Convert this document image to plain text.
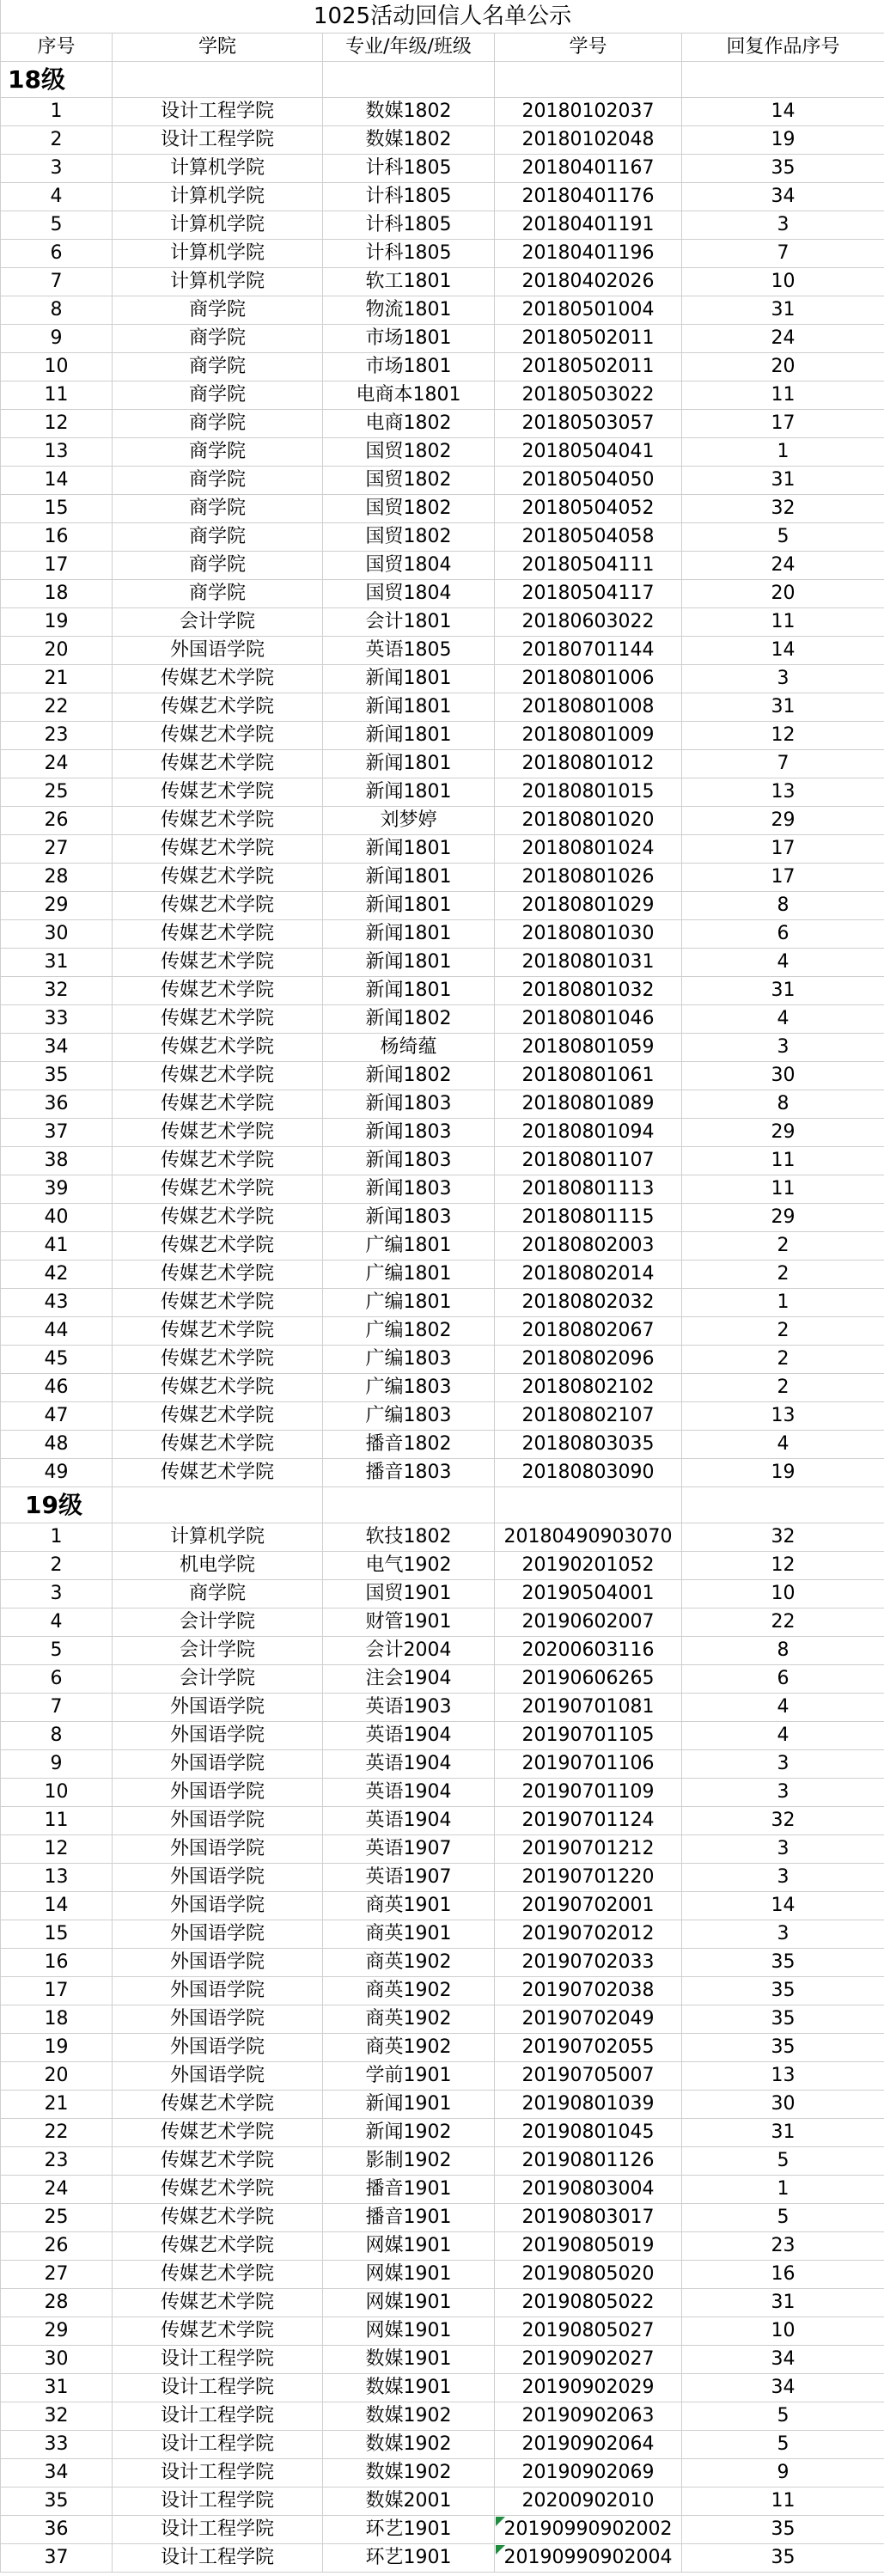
1025活动回信人名单公示				
序号	学院	专业/年级/班级	学号	回复作品序号
18级				
1	设计工程学院	数媒1802	20180102037	14
2	设计工程学院	数媒1802	20180102048	19
3	计算机学院	计科1805	20180401167	35
4	计算机学院	计科1805	20180401176	34
5	计算机学院	计科1805	20180401191	3
6	计算机学院	计科1805	20180401196	7
7	计算机学院	软工1801	20180402026	10
8	商学院	物流1801	20180501004	31
9	商学院	市场1801	20180502011	24
10	商学院	市场1801	20180502011	20
11	商学院	电商本1801	20180503022	11
12	商学院	电商1802	20180503057	17
13	商学院	国贸1802	20180504041	1
14	商学院	国贸1802	20180504050	31
15	商学院	国贸1802	20180504052	32
16	商学院	国贸1802	20180504058	5
17	商学院	国贸1804	20180504111	24
18	商学院	国贸1804	20180504117	20
19	会计学院	会计1801	20180603022	11
20	外国语学院	英语1805	20180701144	14
21	传媒艺术学院	新闻1801	20180801006	3
22	传媒艺术学院	新闻1801	20180801008	31
23	传媒艺术学院	新闻1801	20180801009	12
24	传媒艺术学院	新闻1801	20180801012	7
25	传媒艺术学院	新闻1801	20180801015	13
26	传媒艺术学院	刘梦婷	20180801020	29
27	传媒艺术学院	新闻1801	20180801024	17
28	传媒艺术学院	新闻1801	20180801026	17
29	传媒艺术学院	新闻1801	20180801029	8
30	传媒艺术学院	新闻1801	20180801030	6
31	传媒艺术学院	新闻1801	20180801031	4
32	传媒艺术学院	新闻1801	20180801032	31
33	传媒艺术学院	新闻1802	20180801046	4
34	传媒艺术学院	杨绮蕴	20180801059	3
35	传媒艺术学院	新闻1802	20180801061	30
36	传媒艺术学院	新闻1803	20180801089	8
37	传媒艺术学院	新闻1803	20180801094	29
38	传媒艺术学院	新闻1803	20180801107	11
39	传媒艺术学院	新闻1803	20180801113	11
40	传媒艺术学院	新闻1803	20180801115	29
41	传媒艺术学院	广编1801	20180802003	2
42	传媒艺术学院	广编1801	20180802014	2
43	传媒艺术学院	广编1801	20180802032	1
44	传媒艺术学院	广编1802	20180802067	2
45	传媒艺术学院	广编1803	20180802096	2
46	传媒艺术学院	广编1803	20180802102	2
47	传媒艺术学院	广编1803	20180802107	13
48	传媒艺术学院	播音1802	20180803035	4
49	传媒艺术学院	播音1803	20180803090	19
19级				
1	计算机学院	软技1802	20180490903070	32
2	机电学院	电气1902	20190201052	12
3	商学院	国贸1901	20190504001	10
4	会计学院	财管1901	20190602007	22
5	会计学院	会计2004	20200603116	8
6	会计学院	注会1904	20190606265	6
7	外国语学院	英语1903	20190701081	4
8	外国语学院	英语1904	20190701105	4
9	外国语学院	英语1904	20190701106	3
10	外国语学院	英语1904	20190701109	3
11	外国语学院	英语1904	20190701124	32
12	外国语学院	英语1907	20190701212	3
13	外国语学院	英语1907	20190701220	3
14	外国语学院	商英1901	20190702001	14
15	外国语学院	商英1901	20190702012	3
16	外国语学院	商英1902	20190702033	35
17	外国语学院	商英1902	20190702038	35
18	外国语学院	商英1902	20190702049	35
19	外国语学院	商英1902	20190702055	35
20	外国语学院	学前1901	20190705007	13
21	传媒艺术学院	新闻1901	20190801039	30
22	传媒艺术学院	新闻1902	20190801045	31
23	传媒艺术学院	影制1902	20190801126	5
24	传媒艺术学院	播音1901	20190803004	1
25	传媒艺术学院	播音1901	20190803017	5
26	传媒艺术学院	网媒1901	20190805019	23
27	传媒艺术学院	网媒1901	20190805020	16
28	传媒艺术学院	网媒1901	20190805022	31
29	传媒艺术学院	网媒1901	20190805027	10
30	设计工程学院	数媒1901	20190902027	34
31	设计工程学院	数媒1901	20190902029	34
32	设计工程学院	数媒1902	20190902063	5
33	设计工程学院	数媒1902	20190902064	5
34	设计工程学院	数媒1902	20190902069	9
35	设计工程学院	数媒2001	20200902010	11
36	设计工程学院	环艺1901	20190990902002	35
37	设计工程学院	环艺1901	20190990902004	35
